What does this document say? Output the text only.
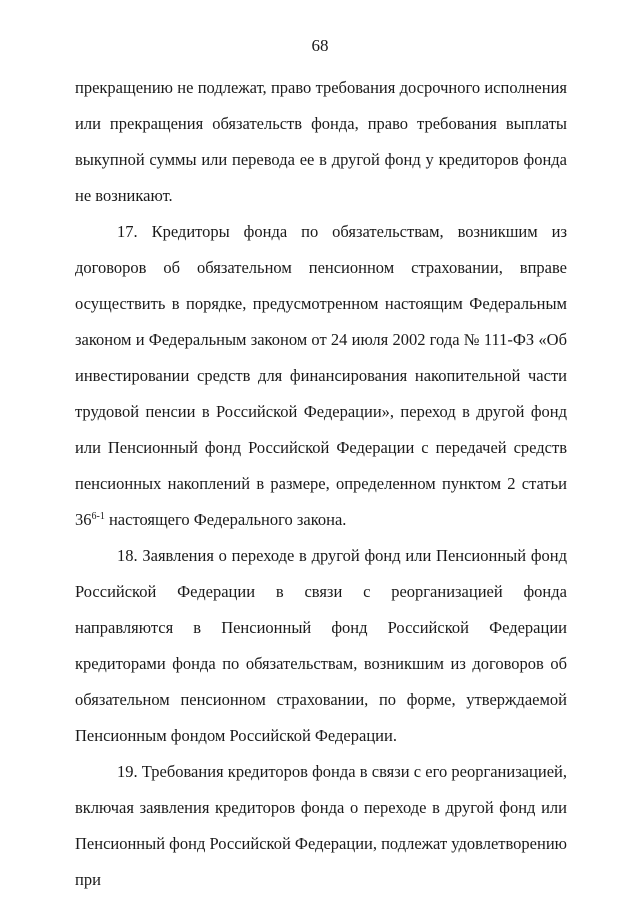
68

прекращению не подлежат, право требования досрочного исполнения или прекращения обязательств фонда, право требования выплаты выкупной суммы или перевода ее в другой фонд у кредиторов фонда не возникают.

17. Кредиторы фонда по обязательствам, возникшим из договоров об обязательном пенсионном страховании, вправе осуществить в порядке, предусмотренном настоящим Федеральным законом и Федеральным законом от 24 июля 2002 года № 111-ФЗ «Об инвестировании средств для финансирования накопительной части трудовой пенсии в Российской Федерации», переход в другой фонд или Пенсионный фонд Российской Федерации с передачей средств пенсионных накоплений в размере, определенном пунктом 2 статьи 36$^{6-1}$ настоящего Федерального закона.

18. Заявления о переходе в другой фонд или Пенсионный фонд Российской Федерации в связи с реорганизацией фонда направляются в Пенсионный фонд Российской Федерации кредиторами фонда по обязательствам, возникшим из договоров об обязательном пенсионном страховании, по форме, утверждаемой Пенсионным фондом Российской Федерации.

19. Требования кредиторов фонда в связи с его реорганизацией, включая заявления кредиторов фонда о переходе в другой фонд или Пенсионный фонд Российской Федерации, подлежат удовлетворению при
